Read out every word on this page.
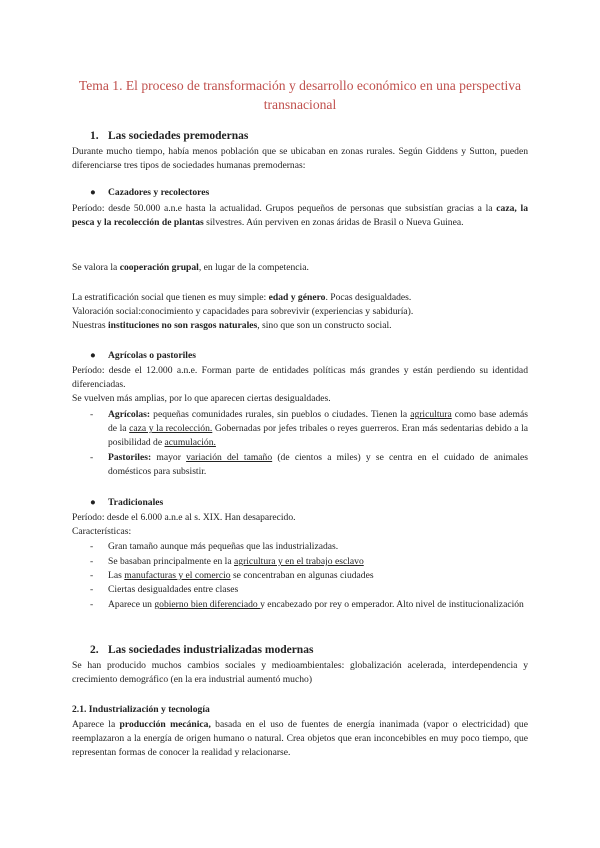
Tema 1. El proceso de transformación y desarrollo económico en una perspectiva transnacional
1. Las sociedades premodernas
Durante mucho tiempo, había menos población que se ubicaban en zonas rurales. Según Giddens y Sutton, pueden diferenciarse tres tipos de sociedades humanas premodernas:
● Cazadores y recolectores
Período: desde 50.000 a.n.e hasta la actualidad. Grupos pequeños de personas que subsistían gracias a la caza, la pesca y la recolección de plantas silvestres. Aún perviven en zonas áridas de Brasil o Nueva Guinea.
Se valora la cooperación grupal, en lugar de la competencia.
La estratificación social que tienen es muy simple: edad y género. Pocas desigualdades.
Valoración social:conocimiento y capacidades para sobrevivir (experiencias y sabiduría).
Nuestras instituciones no son rasgos naturales, sino que son un constructo social.
● Agrícolas o pastoriles
Período: desde el 12.000 a.n.e. Forman parte de entidades políticas más grandes y están perdiendo su identidad diferenciadas.
Se vuelven más amplias, por lo que aparecen ciertas desigualdades.
- Agrícolas: pequeñas comunidades rurales, sin pueblos o ciudades. Tienen la agricultura como base además de la caza y la recolección. Gobernadas por jefes tribales o reyes guerreros. Eran más sedentarias debido a la posibilidad de acumulación.
- Pastoriles: mayor variación del tamaño (de cientos a miles) y se centra en el cuidado de animales domésticos para subsistir.
● Tradicionales
Período: desde el 6.000 a.n.e al s. XIX. Han desaparecido.
Características:
- Gran tamaño aunque más pequeñas que las industrializadas.
- Se basaban principalmente en la agricultura y en el trabajo esclavo
- Las manufacturas y el comercio se concentraban en algunas ciudades
- Ciertas desigualdades entre clases
- Aparece un gobierno bien diferenciado y encabezado por rey o emperador. Alto nivel de institucionalización
2. Las sociedades industrializadas modernas
Se han producido muchos cambios sociales y medioambientales: globalización acelerada, interdependencia y crecimiento demográfico (en la era industrial aumentó mucho)
2.1. Industrialización y tecnología
Aparece la producción mecánica, basada en el uso de fuentes de energía inanimada (vapor o electricidad) que reemplazaron a la energía de origen humano o natural. Crea objetos que eran inconcebibles en muy poco tiempo, que representan formas de conocer la realidad y relacionarse.
